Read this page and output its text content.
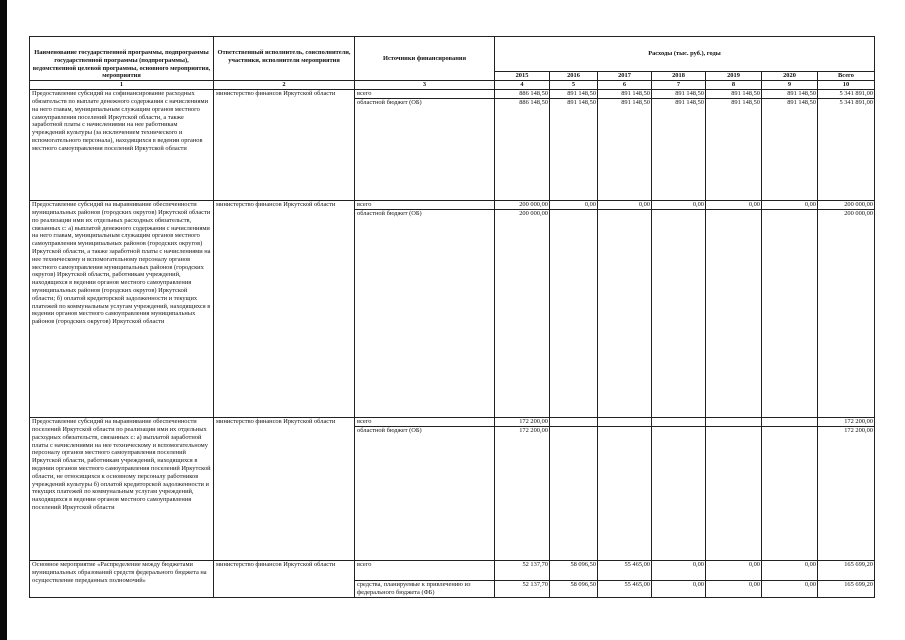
Наименование государственной программы, подпрограммы государственной программы (подпрограммы), ведомственной целевой программы, основного мероприятия, мероприятия	Ответственный исполнитель, соисполнители, участники, исполнители мероприятия	Источники финансирования	Расходы (тыс. руб.), годы						
			2015	2016	2017	2018	2019	2020	Всего
1	2	3	4	5	6	7	8	9	10
Предоставление субсидий на софинансирование расходных обязательств по выплате денежного содержания с начислениями на него главам, муниципальным служащим органов местного самоуправления поселений Иркутской области, а также заработной платы с начислениями на нее работникам учреждений культуры (за исключением технического и вспомогательного персонала), находящихся в ведении органов местного самоуправления поселений Иркутской области	министерство финансов Иркутской области	всего	886 148,50	891 148,50	891 148,50	891 148,50	891 148,50	891 148,50	5 341 891,00
		областной бюджет (ОБ)	886 148,50	891 148,50	891 148,50	891 148,50	891 148,50	891 148,50	5 341 891,00
Предоставление субсидий на выравнивание обеспеченности муниципальных районов (городских округов) Иркутской области по реализации ими их отдельных расходных обязательств, связанных с: а) выплатой денежного содержания с начислениями на него главам, муниципальным служащим органов местного самоуправления муниципальных районов (городских округов) Иркутской области, а также заработной платы с начислениями на нее техническому и вспомогательному персоналу органов местного самоуправления муниципальных районов (городских округов) Иркутской области, работникам учреждений, находящихся в ведении органов местного самоуправления муниципальных районов (городских округов) Иркутской области; б) оплатой кредиторской задолженности и текущих платежей по коммунальным услугам учреждений, находящихся в ведении органов местного самоуправления муниципальных районов (городских округов) Иркутской области	министерство финансов Иркутской области	всего	200 000,00	0,00	0,00	0,00	0,00	0,00	200 000,00
		областной бюджет (ОБ)	200 000,00						200 000,00
Предоставление субсидий на выравнивание обеспеченности поселений Иркутской области по реализации ими их отдельных расходных обязательств, связанных с: а) выплатой заработной платы с начислениями на нее техническому и вспомогательному персоналу органов местного самоуправления поселений Иркутской области, работникам учреждений, находящихся в ведении органов местного самоуправления поселений Иркутской области, не относящихся к основному персоналу работников учреждений культуры б) оплатой кредиторской задолженности и текущих платежей по коммунальным услугам учреждений, находящихся в ведении органов местного самоуправления поселений Иркутской области	министерство финансов Иркутской области	всего	172 200,00						172 200,00
		областной бюджет (ОБ)	172 200,00						172 200,00
Основное мероприятие «Распределение между бюджетами муниципальных образований средств федерального бюджета на осуществление переданных полномочий»	министерство финансов Иркутской области	всего	52 137,70	58 096,50	55 465,00	0,00	0,00	0,00	165 699,20
		средства, планируемые к привлечению из федерального бюджета (ФБ)	52 137,70	58 096,50	55 465,00	0,00	0,00	0,00	165 699,20
